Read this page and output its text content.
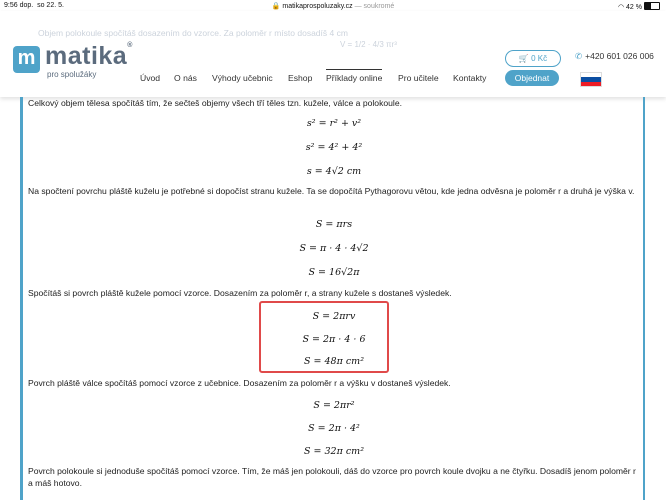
9:56 dop. so 22. 5.	🔒 matikaprospoluzaky.cz — soukromé	◠ 42 %
Objem polokoule spočítáš dosazením do vzorce. Za poloměr r místo dosadíš 4 cm
V = 1/2 · 4/3 πr³
m matika®
pro spolužáky	Úvod O nás Výhody učebnic Eshop Příklady online Pro učitele Kontakty
🛒 0 Kč
Objednat
✆ +420 601 026 006
Celkový objem tělesa spočítáš tím, že sečteš objemy všech tří těles tzn. kužele, válce a polokoule.
s² = r² + v²
s² = 4² + 4²
s = 4√2 cm
Na spočtení povrchu pláště kuželu je potřebné si dopočíst stranu kužele. Ta se dopočítá Pythagorovu větou, kde jedna odvěsna je poloměr r a druhá je výška v.
S = πrs
S = π · 4 · 4√2
S = 16√2π
Spočítáš si povrch pláště kužele pomocí vzorce. Dosazením za poloměr r, a strany kužele s dostaneš výsledek.
S = 2πrv
S = 2π · 4 · 6
S = 48π cm²
Povrch pláště válce spočítáš pomocí vzorce z učebnice. Dosazením za poloměr r a výšku v dostaneš výsledek.
S = 2πr²
S = 2π · 4²
S = 32π cm²
Povrch polokoule si jednoduše spočítáš pomocí vzorce. Tím, že máš jen polokouli, dáš do vzorce pro povrch koule dvojku a ne čtyřku. Dosadíš jenom poloměr r a máš hotovo.
